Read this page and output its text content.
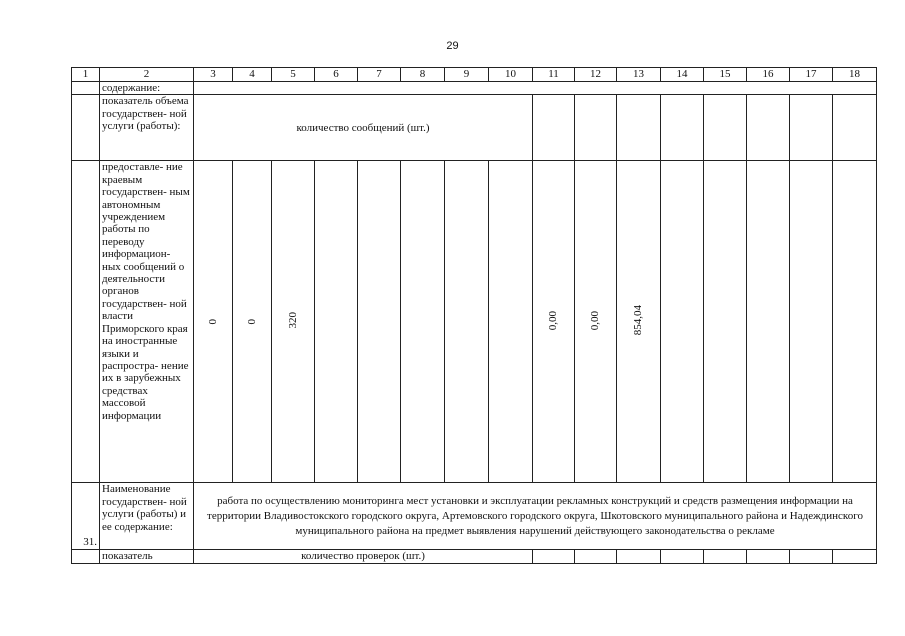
29
1	2	3	4	5	6	7	8	9	10	11	12	13	14	15	16	17	18
	содержание:																
	показатель объема государствен- ной услуги (работы):	количество сообщений (шт.)															
	предоставле- ние краевым государствен- ным автономным учреждением работы по переводу информацион- ных сообщений о деятельности органов государствен- ной власти Приморского края на иностранные языки и распростра- нение их в зарубежных средствах массовой информации	0	0	320						0,00	0,00	854,04					
31.	Наименование государствен- ной услуги (работы) и ее содержание:	работа по осуществлению мониторинга мест установки и эксплуатации рекламных конструкций и средств размещения информации на территории Владивостокского городского округа, Артемовского городского округа, Шкотовского муниципального района и Надеждинского муниципального района на предмет выявления нарушений действующего законодательства о рекламе															
	показатель	количество проверок (шт.)															
